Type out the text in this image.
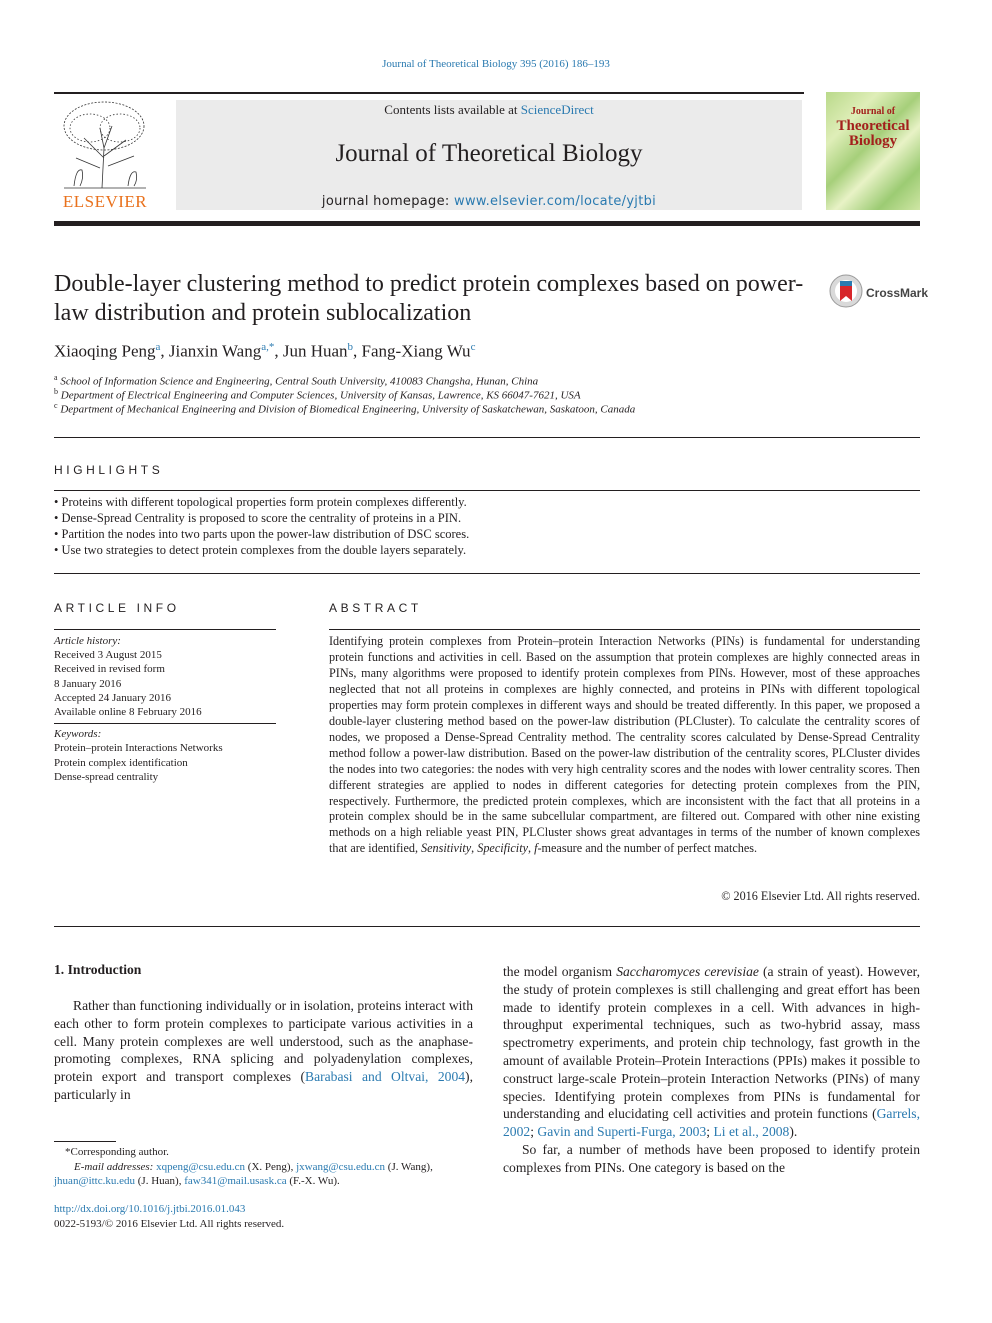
Journal of Theoretical Biology 395 (2016) 186–193
ELSEVIER
Contents lists available at ScienceDirect
Journal of Theoretical Biology
journal homepage: www.elsevier.com/locate/yjtbi
Journal of
Theoretical
Biology
Double-layer clustering method to predict protein complexes based on power-law distribution and protein sublocalization
CrossMark
Xiaoqing Peng$^a$, Jianxin Wang$^{a,*}$, Jun Huan$^b$, Fang-Xiang Wu$^c$
$^a$ School of Information Science and Engineering, Central South University, 410083 Changsha, Hunan, China
$^b$ Department of Electrical Engineering and Computer Sciences, University of Kansas, Lawrence, KS 66047-7621, USA
$^c$ Department of Mechanical Engineering and Division of Biomedical Engineering, University of Saskatchewan, Saskatoon, Canada
HIGHLIGHTS
• Proteins with different topological properties form protein complexes differently.
• Dense-Spread Centrality is proposed to score the centrality of proteins in a PIN.
• Partition the nodes into two parts upon the power-law distribution of DSC scores.
• Use two strategies to detect protein complexes from the double layers separately.
ARTICLE INFO
Article history:
Received 3 August 2015
Received in revised form
8 January 2016
Accepted 24 January 2016
Available online 8 February 2016
Keywords:
Protein–protein Interactions Networks
Protein complex identification
Dense-spread centrality
ABSTRACT
Identifying protein complexes from Protein–protein Interaction Networks (PINs) is fundamental for understanding protein functions and activities in cell. Based on the assumption that protein complexes are highly connected areas in PINs, many algorithms were proposed to identify protein complexes from PINs. However, most of these approaches neglected that not all proteins in complexes are highly connected, and proteins in PINs with different topological properties may form protein complexes in different ways and should be treated differently. In this paper, we proposed a double-layer clustering method based on the power-law distribution (PLCluster). To calculate the centrality scores of nodes, we proposed a Dense-Spread Centrality method. The centrality scores calculated by Dense-Spread Centrality method follow a power-law distribution. Based on the power-law distribution of the centrality scores, PLCluster divides the nodes into two categories: the nodes with very high centrality scores and the nodes with lower centrality scores. Then different strategies are applied to nodes in different categories for detecting protein complexes from the PIN, respectively. Furthermore, the predicted protein complexes, which are inconsistent with the fact that all proteins in a protein complex should be in the same subcellular compartment, are filtered out. Compared with other nine existing methods on a high reliable yeast PIN, PLCluster shows great advantages in terms of the number of known complexes that are identified, Sensitivity, Specificity, f-measure and the number of perfect matches.
© 2016 Elsevier Ltd. All rights reserved.
1. Introduction
Rather than functioning individually or in isolation, proteins interact with each other to form protein complexes to participate various activities in a cell. Many protein complexes are well understood, such as the anaphase-promoting complexes, RNA splicing and polyadenylation complexes, protein export and transport complexes (Barabasi and Oltvai, 2004), particularly in
the model organism Saccharomyces cerevisiae (a strain of yeast). However, the study of protein complexes is still challenging and great effort has been made to identify protein complexes in a cell. With advances in high-throughput experimental techniques, such as two-hybrid assay, mass spectrometry experiments, and protein chip technology, fast growth in the amount of available Protein–Protein Interactions (PPIs) makes it possible to construct large-scale Protein–protein Interaction Networks (PINs) of many species. Identifying protein complexes from PINs is fundamental for understanding and elucidating cell activities and protein functions (Garrels, 2002; Gavin and Superti-Furga, 2003; Li et al., 2008).
So far, a number of methods have been proposed to identify protein complexes from PINs. One category is based on the
*Corresponding author.
E-mail addresses: xqpeng@csu.edu.cn (X. Peng), jxwang@csu.edu.cn (J. Wang),
jhuan@ittc.ku.edu (J. Huan), faw341@mail.usask.ca (F.-X. Wu).
http://dx.doi.org/10.1016/j.jtbi.2016.01.043
0022-5193/© 2016 Elsevier Ltd. All rights reserved.
